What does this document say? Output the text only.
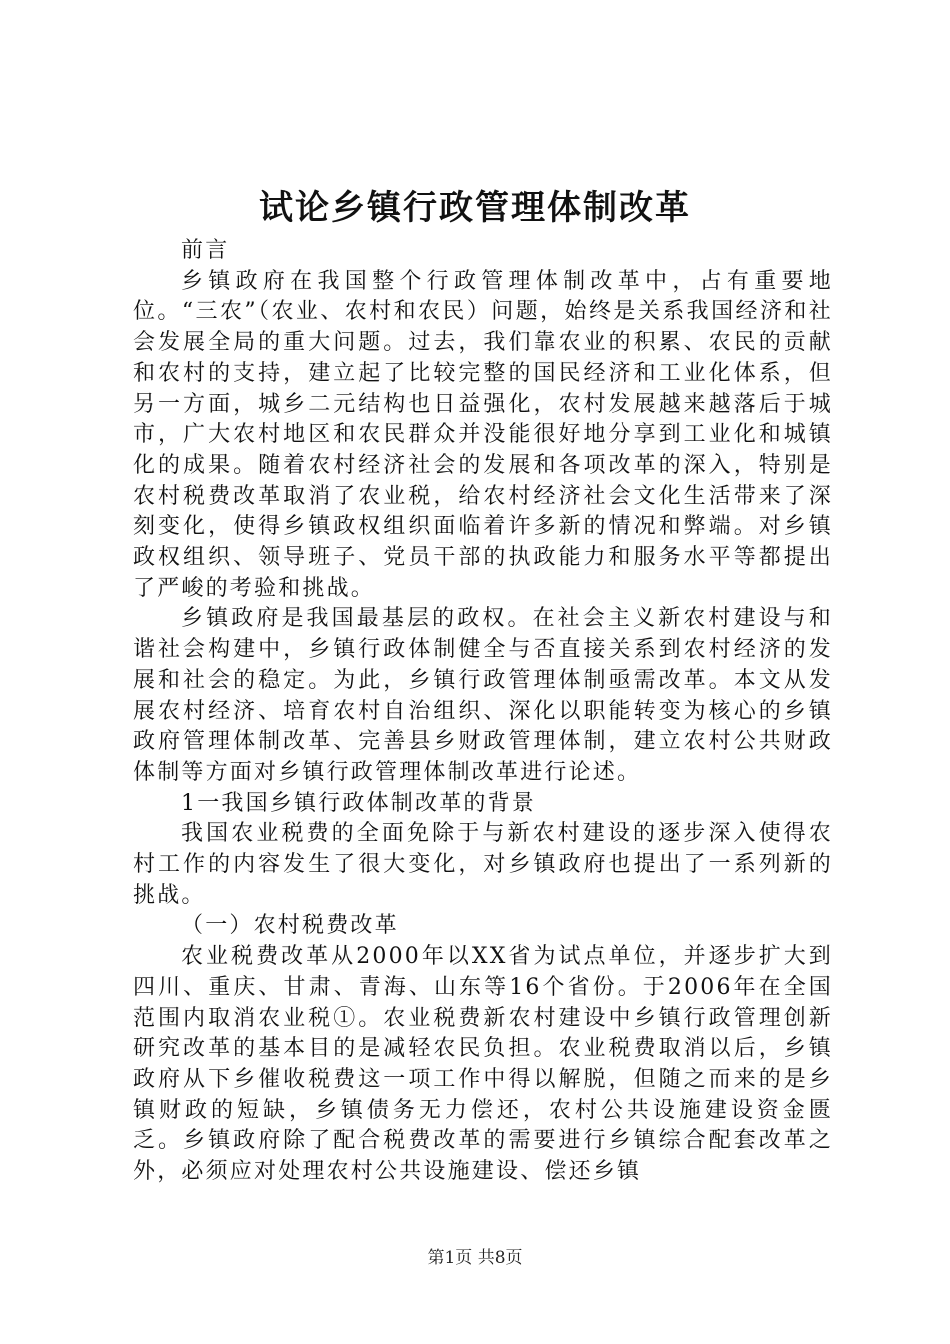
试论乡镇行政管理体制改革

前言

乡镇政府在我国整个行政管理体制改革中，占有重要地位。“三农”（农业、农村和农民）问题，始终是关系我国经济和社会发展全局的重大问题。过去，我们靠农业的积累、农民的贡献和农村的支持，建立起了比较完整的国民经济和工业化体系，但另一方面，城乡二元结构也日益强化，农村发展越来越落后于城市，广大农村地区和农民群众并没能很好地分享到工业化和城镇化的成果。随着农村经济社会的发展和各项改革的深入，特别是农村税费改革取消了农业税，给农村经济社会文化生活带来了深刻变化，使得乡镇政权组织面临着许多新的情况和弊端。对乡镇政权组织、领导班子、党员干部的执政能力和服务水平等都提出了严峻的考验和挑战。

乡镇政府是我国最基层的政权。在社会主义新农村建设与和谐社会构建中，乡镇行政体制健全与否直接关系到农村经济的发展和社会的稳定。为此，乡镇行政管理体制亟需改革。本文从发展农村经济、培育农村自治组织、深化以职能转变为核心的乡镇政府管理体制改革、完善县乡财政管理体制，建立农村公共财政体制等方面对乡镇行政管理体制改革进行论述。

1一我国乡镇行政体制改革的背景

我国农业税费的全面免除于与新农村建设的逐步深入使得农村工作的内容发生了很大变化，对乡镇政府也提出了一系列新的挑战。

（一）农村税费改革

农业税费改革从2000年以XX省为试点单位，并逐步扩大到四川、重庆、甘肃、青海、山东等16个省份。于2006年在全国范围内取消农业税①。农业税费新农村建设中乡镇行政管理创新研究改革的基本目的是减轻农民负担。农业税费取消以后，乡镇政府从下乡催收税费这一项工作中得以解脱，但随之而来的是乡镇财政的短缺，乡镇债务无力偿还，农村公共设施建设资金匮乏。乡镇政府除了配合税费改革的需要进行乡镇综合配套改革之外，必须应对处理农村公共设施建设、偿还乡镇

第1页 共8页
